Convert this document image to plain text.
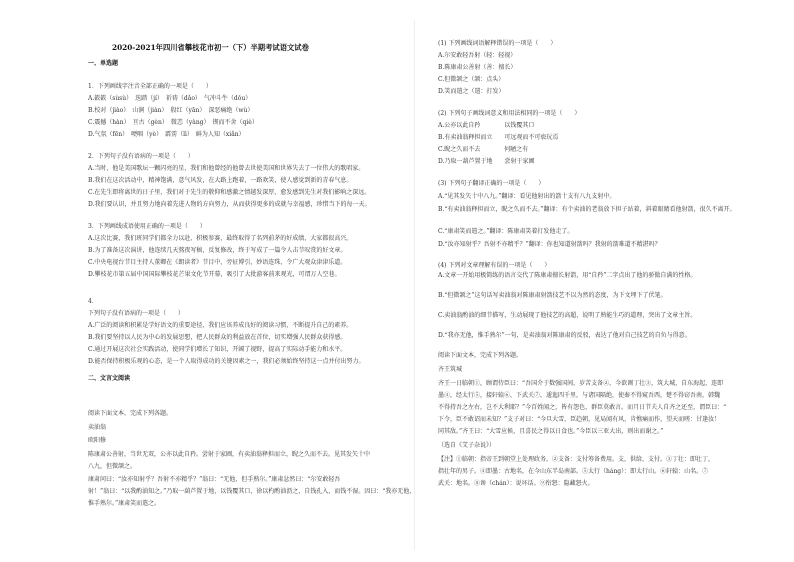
2020-2021年四川省攀枝花市初一（下）半期考试语文试卷
一、单选题
1．下列画线字注音全部正确的一项是（　　）
A.簌簌（sùsù）　迭踏（jí）　祈祷（dǎo）　气冲斗牛（dǒu）
B.校对（jiào）　山涧（jiàn）　殷红（yān）　深恶痛绝（wù）
C.震撼（hàn）　亘古（gèn）　微恙（yàng）　锲而不舍（qiè）
D.气氛（fēn）　哽咽（yè）　霹雳（lì）　鲜为人知（xiǎn）
2．下列句子没有语病的一项是（　　）
A.当时，他是美国歌坛一颗闪亮的星，我们和他曾经的他曾去世使美国和世界失去了一位伟大的歌唱家。
B.我们在这次活动中，精神饱满，意气风发，在大路上跑着，一路欢笑，使人感觉到新的青春气息。
C.在先生即将离世的日子里，我们对于先生的敬仰和感激之情越发深厚，愈发感到先生对我们影响之深远。
D.我们要认识，并且努力地向着先进人物的方向努力，从而获得更多的成就与幸福感，珍惜当下的每一天。
3．下列画线成语使用正确的一项是（　　）
A.这次比赛，我们班同学们都全力以赴，积极参赛，最终取得了名列前茅的好成绩，大家都很高兴。
B.为了准备这次演讲，他连续几天熬夜写稿，反复修改，终于写成了一篇令人击节叹赏的好文章。
C.中央电视台节目主持人董卿在《朗读者》节目中，旁征博引，妙语连珠，令广大观众津津乐道。
D.攀枝花市第五届中国国际攀枝花芒果文化节开幕，吸引了大批游客前来观光，可谓万人空巷。
4．
下列句子没有语病的一项是（　　）
A.广泛的阅读和积累是学好语文的重要途径，我们应该养成良好的阅读习惯，不断提升自己的素养。
B.我们要坚持以人民为中心的发展思想，把人民群众的利益放在首位，切实增强人民群众获得感。
C.通过开展这次社会实践活动，使同学们增长了知识，开阔了视野，提高了实际动手能力和水平。
D.能否保持积极乐观的心态，是一个人取得成功的关键因素之一，我们必须始终坚持这一点并付出努力。
二、文言文阅读
阅读下面文本，完成下列各题。
卖油翁
欧阳修
陈康肃公善射，当世无双，公亦以此自矜。尝射于家圃，有卖油翁释担而立，睨之久而不去。见其发矢十中
八九，但微颔之。
康肃问曰：“汝亦知射乎？吾射不亦精乎？”翁曰：“无他，但手熟尔。”康肃忿然曰：“尔安敢轻吾
射！”翁曰：“以我酌油知之。”乃取一葫芦置于地，以钱覆其口，徐以杓酌油沥之，自钱孔入，而钱不湿。因曰：“我亦无他，
惟手熟尔。”康肃笑而遣之。
(1) 下列画线词语解释错误的一项是（　　）
A.尔安敢轻吾射（轻：轻视）
B.陈康肃公善射（善：擅长）
C.但微颔之（颔：点头）
D.笑而遣之（遣：打发）
(2) 下列句子画线词意义和用法相同的一项是（　　）
A.公亦以此自矜　　　　以钱覆其口
B.有卖油翁释担而立　　可远观而不可亵玩焉
C.睨之久而不去　　　　何陋之有
D.乃取一葫芦置于地　　尝射于家圃
(3) 下列句子翻译正确的一项是（　　）
A.“见其发矢十中八九。”翻译：看见他射出的箭十支有八九支射中。
B.“有卖油翁释担而立，睨之久而不去。”翻译：有个卖油的老翁放下担子站着，斜着眼睛看他射箭，很久不离开。
C.“康肃笑而遣之。”翻译：陈康肃笑着打发他走了。
D.“汝亦知射乎？吾射不亦精乎？”翻译：你也知道射箭吗？我射的箭难道不精湛吗？
(4) 下列对文章理解有误的一项是（　　）
A.文章一开始用极简练的语言交代了陈康肃擅长射箭，用“自矜”二字点出了他的骄傲自满的性格。
B.“但微颔之”这句话写卖油翁对陈康肃射箭技艺不以为然的态度，为下文埋下了伏笔。
C.卖油翁酌油的细节描写，生动展现了他技艺的高超，说明了熟能生巧的道理，突出了文章主旨。
D.“我亦无他，惟手熟尔”一句，是卖油翁对陈康肃的反驳，表达了他对自己技艺的自负与得意。
阅读下面文本，完成下列各题。
齐王筑城
齐王一日临朝①，顾谓侍臣曰：“吾国介于数强国间，岁苦支备②，今欲调丁壮③，筑大城，自东海起，连即
墨④，经太行⑤，接轩辕⑥，下武关⑦，逶迤四千里，与诸国隔绝，使秦不得窥吾西，楚不得窃吾南，韩魏
不得持吾之左右，岂不大利耶？”今百姓闻之，皆有怨色，群臣莫敢言。而月日节夫人自齐之还至，谓臣曰：“
下令，臣不敢诏而未知？”支子对曰：“今旦大雪，臣趋朝，见局闻有风，肯憔痛而作，望天而嗟：甘逢汝！
同其敌。”齐王曰：“大雪应候，且喜民之得以日食也。”今臣以三亚大出，则出而谢之。”
（选自《艾子杂说》）
【注】①临朝：指帝王到朝堂上处理政务。②支备：支付筹备费用。支，供给，支付。③丁壮：即壮丁，
指壮年的男子。④即墨：古地名，在今山东半岛南部。⑤太行（háng）：即太行山。⑥轩辕：山名。⑦
武关：地名。⑧谗（chán）：说坏话。⑨衔怒：隐藏怒火。
